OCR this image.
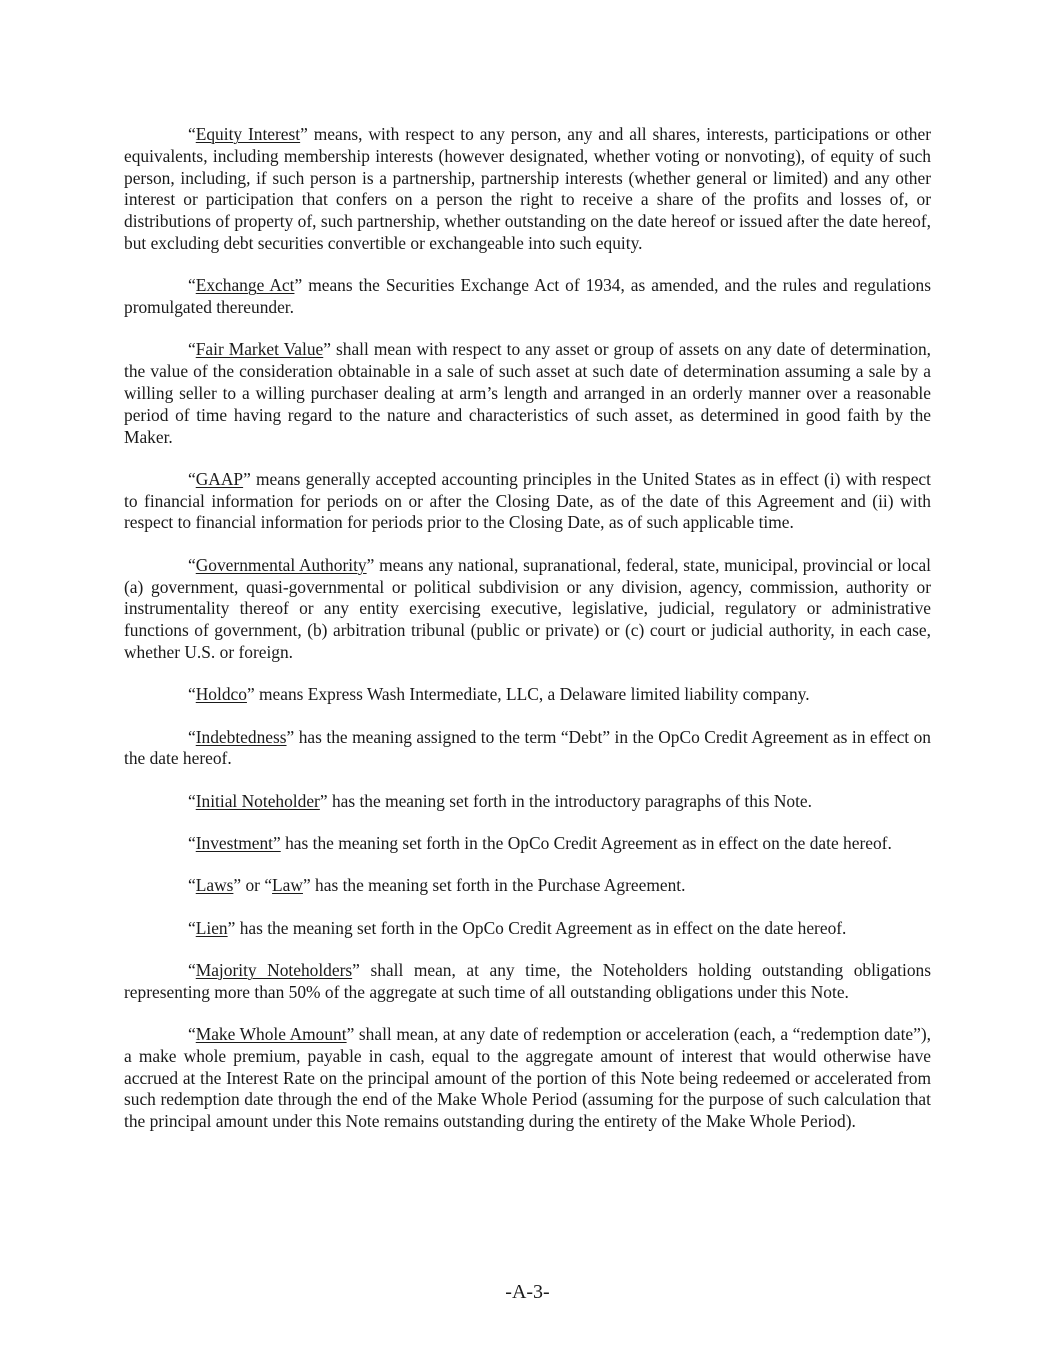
“Equity Interest” means, with respect to any person, any and all shares, interests, participations or other equivalents, including membership interests (however designated, whether voting or nonvoting), of equity of such person, including, if such person is a partnership, partnership interests (whether general or limited) and any other interest or participation that confers on a person the right to receive a share of the profits and losses of, or distributions of property of, such partnership, whether outstanding on the date hereof or issued after the date hereof, but excluding debt securities convertible or exchangeable into such equity.

“Exchange Act” means the Securities Exchange Act of 1934, as amended, and the rules and regulations promulgated thereunder.

“Fair Market Value” shall mean with respect to any asset or group of assets on any date of determination, the value of the consideration obtainable in a sale of such asset at such date of determination assuming a sale by a willing seller to a willing purchaser dealing at arm’s length and arranged in an orderly manner over a reasonable period of time having regard to the nature and characteristics of such asset, as determined in good faith by the Maker.

“GAAP” means generally accepted accounting principles in the United States as in effect (i) with respect to financial information for periods on or after the Closing Date, as of the date of this Agreement and (ii) with respect to financial information for periods prior to the Closing Date, as of such applicable time.

“Governmental Authority” means any national, supranational, federal, state, municipal, provincial or local (a) government, quasi-governmental or political subdivision or any division, agency, commission, authority or instrumentality thereof or any entity exercising executive, legislative, judicial, regulatory or administrative functions of government, (b) arbitration tribunal (public or private) or (c) court or judicial authority, in each case, whether U.S. or foreign.

“Holdco” means Express Wash Intermediate, LLC, a Delaware limited liability company.

“Indebtedness” has the meaning assigned to the term “Debt” in the OpCo Credit Agreement as in effect on the date hereof.

“Initial Noteholder” has the meaning set forth in the introductory paragraphs of this Note.

“Investment” has the meaning set forth in the OpCo Credit Agreement as in effect on the date hereof.

“Laws” or “Law” has the meaning set forth in the Purchase Agreement.

“Lien” has the meaning set forth in the OpCo Credit Agreement as in effect on the date hereof.

“Majority Noteholders” shall mean, at any time, the Noteholders holding outstanding obligations representing more than 50% of the aggregate at such time of all outstanding obligations under this Note.

“Make Whole Amount” shall mean, at any date of redemption or acceleration (each, a “redemption date”), a make whole premium, payable in cash, equal to the aggregate amount of interest that would otherwise have accrued at the Interest Rate on the principal amount of the portion of this Note being redeemed or accelerated from such redemption date through the end of the Make Whole Period (assuming for the purpose of such calculation that the principal amount under this Note remains outstanding during the entirety of the Make Whole Period).

-A-3-
